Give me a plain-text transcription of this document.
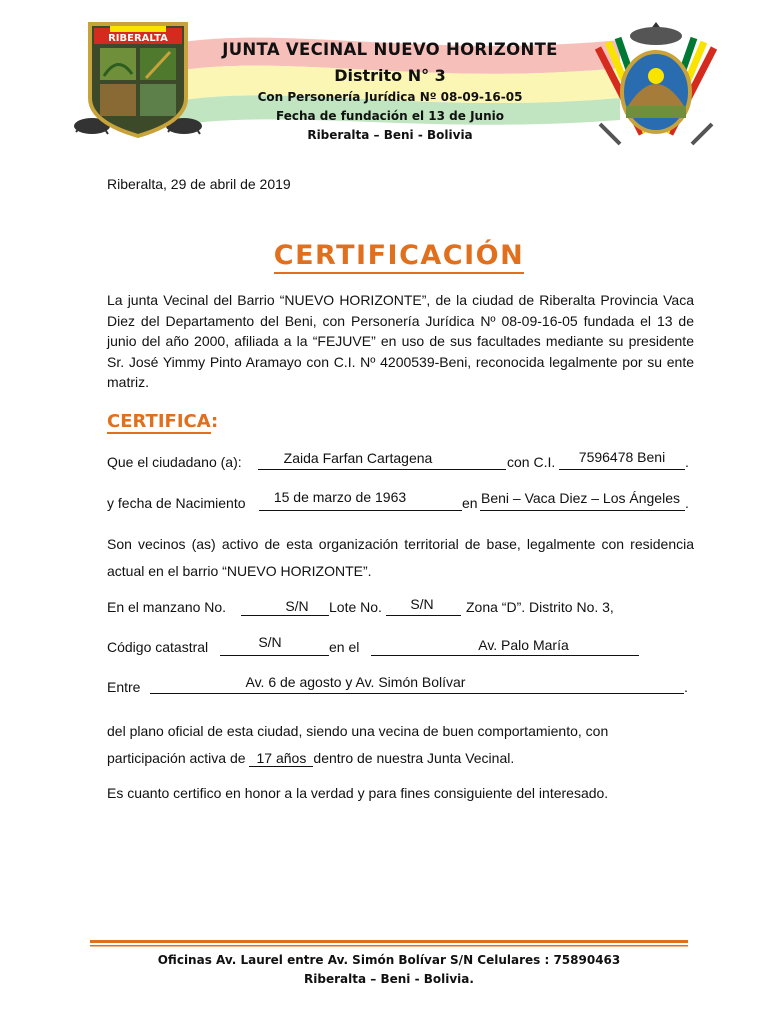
RIBERALTA
JUNTA VECINAL NUEVO HORIZONTE
Distrito N° 3
Con Personería Jurídica Nº 08-09-16-05
Fecha de fundación el 13 de Junio
Riberalta – Beni - Bolivia
Riberalta, 29 de abril de 2019
CERTIFICACIÓN
La junta Vecinal del Barrio “NUEVO HORIZONTE”, de la ciudad de Riberalta Provincia Vaca Diez del Departamento del Beni, con Personería Jurídica Nº 08-09-16-05 fundada el 13 de junio del año 2000, afiliada a la “FEJUVE” en uso de sus facultades mediante su presidente Sr. José Yimmy Pinto Aramayo con C.I. Nº 4200539-Beni, reconocida legalmente por su ente matriz.
CERTIFICA:
Que el ciudadano (a):	Zaida Farfan Cartagena	con C.I.	7596478 Beni	.
y fecha de Nacimiento	15 de marzo de 1963	en Beni – Vaca Diez – Los Ángeles .
Son vecinos (as) activo de esta organización territorial de base, legalmente con residencia actual en el barrio “NUEVO HORIZONTE”.
En el manzano No.	S/N	Lote No.	S/N	Zona “D”. Distrito No. 3,
Código catastral	S/N	en el	Av. Palo María
Entre	Av. 6 de agosto y Av. Simón Bolívar	.
del plano oficial de esta ciudad, siendo una vecina de buen comportamiento, con
participación activa de 17 años dentro de nuestra Junta Vecinal.
Es cuanto certifico en honor a la verdad y para fines consiguiente del interesado.
Oficinas Av. Laurel entre Av. Simón Bolívar S/N Celulares : 75890463
Riberalta – Beni - Bolivia.
